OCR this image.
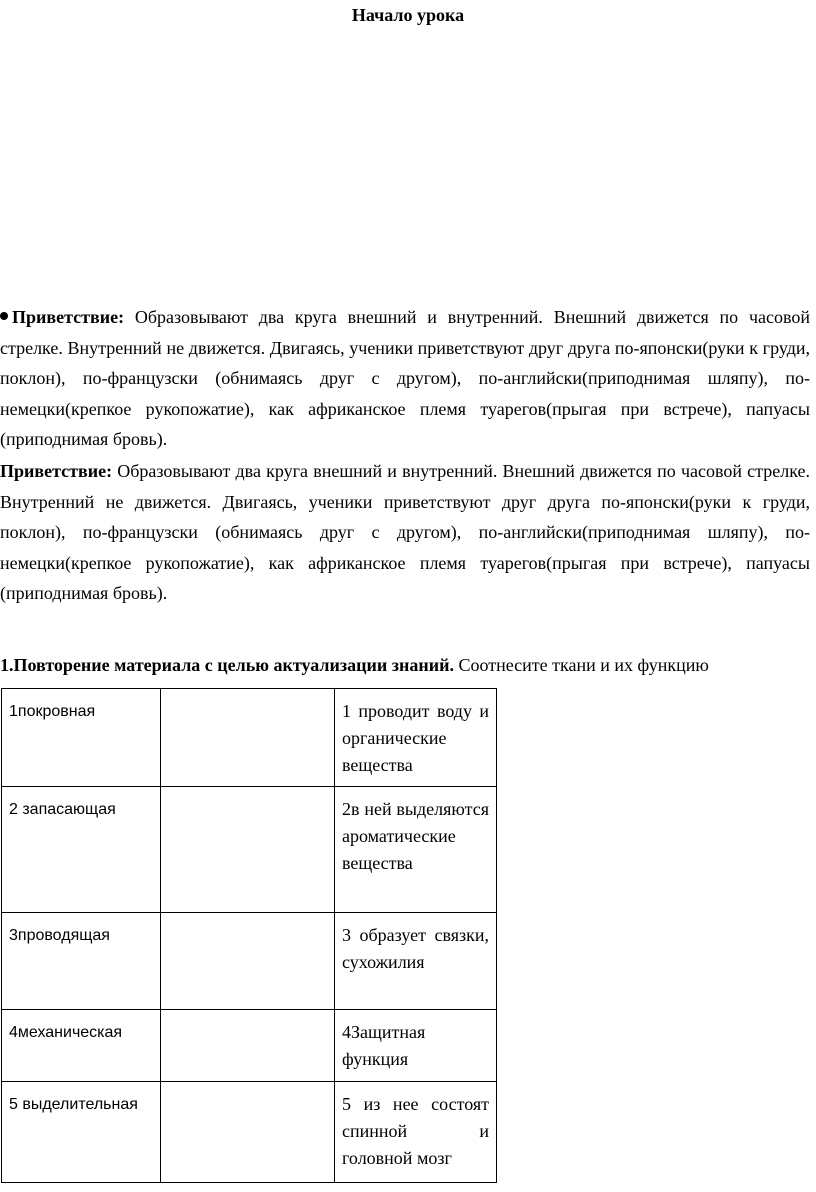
Начало урока
Приветствие: Образовывают два круга внешний и внутренний. Внешний движется по часовой стрелке. Внутренний не движется. Двигаясь, ученики приветствуют друг друга по-японски(руки к груди, поклон), по-французски (обнимаясь друг с другом), по-английски(приподнимая шляпу), по-немецки(крепкое рукопожатие), как африканское племя туарегов(прыгая при встрече), папуасы (приподнимая бровь).
Приветствие: Образовывают два круга внешний и внутренний. Внешний движется по часовой стрелке. Внутренний не движется. Двигаясь, ученики приветствуют друг друга по-японски(руки к груди, поклон), по-французски (обнимаясь друг с другом), по-английски(приподнимая шляпу), по-немецки(крепкое рукопожатие), как африканское племя туарегов(прыгая при встрече), папуасы (приподнимая бровь).
1.Повторение материала с целью актуализации знаний. Соотнесите ткани и их функцию
1покровная		1 проводит воду и органические вещества
2 запасающая		2в ней выделяются ароматические вещества
3проводящая		3 образует связки, сухожилия
4механическая		4Защитная функция
5 выделительная		5 из нее состоят спинной и головной мозг
